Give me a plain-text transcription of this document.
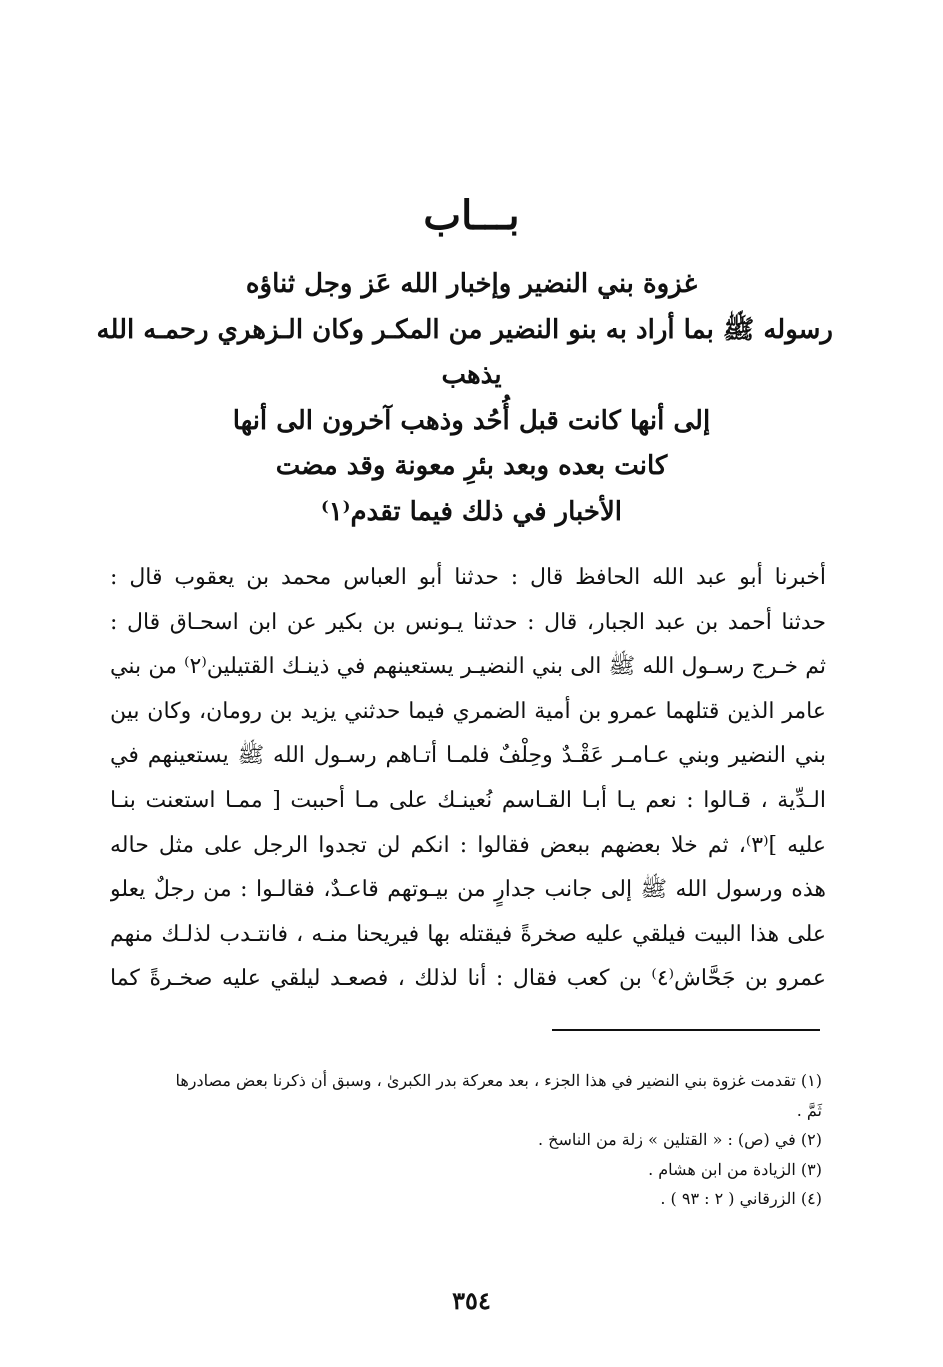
بـــاب
غزوة بني النضير وإخبار الله عَز وجل ثناؤه
رسوله ﷺ بما أراد به بنو النضير من المكـر وكان الـزهري رحمـه الله
يذهب
إلى أنها كانت قبل أُحُد وذهب آخرون الى أنها
كانت بعده وبعد بئرِ معونة وقد مضت
الأخبار في ذلك فيما تقدم⁽١⁾
أخبرنا أبو عبد الله الحافظ قال : حدثنا أبو العباس محمد بن يعقوب قال :
حدثنا أحمد بن عبد الجبار، قال : حدثنا يـونس بن بكير عن ابن اسحـاق قال :
ثم خـرج رسـول الله ﷺ الى بني النضيـر يستعينهم في ذينـك القتيلين⁽٢⁾ من بني
عامر الذين قتلهما عمرو بن أمية الضمري فيما حدثني يزيد بن رومان، وكان بين
بني النضير وبني عـامـر عَقْـدٌ وحِلْفٌ فلمـا أتـاهم رسـول الله ﷺ يستعينهم في
الـدِّية ، قـالوا : نعم يـا أبـا القـاسم نُعينـك على مـا أحببت [ ممـا استعنت بنـا
عليه ]⁽٣⁾، ثم خلا بعضهم ببعض فقالوا : انكم لن تجدوا الرجل على مثل حاله
هذه ورسول الله ﷺ إلى جانب جدارٍ من بيـوتهم قاعـدٌ، فقالـوا : من رجلٌ يعلو
على هذا البيت فيلقي عليه صخرةً فيقتله بها فيريحنا منـه ، فانتـدب لذلـك منهم
عمرو بن جَحَّاش⁽٤⁾ بن كعب فقال : أنا لذلك ، فصعـد ليلقي عليه صخـرةً كما
(١) تقدمت غزوة بني النضير في هذا الجزء ، بعد معركة بدر الكبرىٰ ، وسبق أن ذكرنا بعض مصادرها
ثَمَّ .
(٢) في (ص) : « القتلين » زلة من الناسخ .
(٣) الزيادة من ابن هشام .
(٤) الزرقاني ( ٢ : ٩٣ ) .
٣٥٤
